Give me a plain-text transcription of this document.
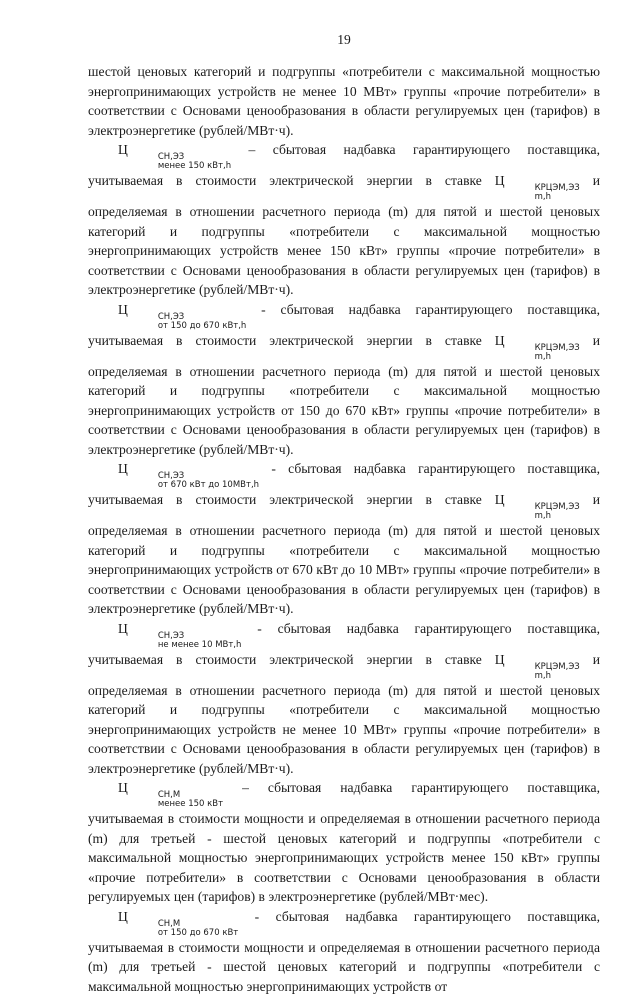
19

шестой ценовых категорий и подгруппы «потребители с максимальной мощностью энергопринимающих устройств не менее 10 МВт» группы «прочие потребители» в соответствии с Основами ценообразования в области регулируемых цен (тарифов) в электроэнергетике (рублей/МВт·ч).

Ц	СН,ЭЗ
менее 150 кВт,h
– сбытовая надбавка гарантирующего поставщика, учитываемая в стоимости электрической энергии в ставке Ц	КРЦЭМ,ЭЗ
m,h
и определяемая в отношении расчетного периода (m) для пятой и шестой ценовых категорий и подгруппы «потребители с максимальной мощностью энергопринимающих устройств менее 150 кВт» группы «прочие потребители» в соответствии с Основами ценообразования в области регулируемых цен (тарифов) в электроэнергетике (рублей/МВт·ч).

Ц	СН,ЭЗ
от 150 до 670 кВт,h
- сбытовая надбавка гарантирующего поставщика, учитываемая в стоимости электрической энергии в ставке Ц	КРЦЭМ,ЭЗ
m,h
и определяемая в отношении расчетного периода (m) для пятой и шестой ценовых категорий и подгруппы «потребители с максимальной мощностью энергопринимающих устройств от 150 до 670 кВт» группы «прочие потребители» в соответствии с Основами ценообразования в области регулируемых цен (тарифов) в электроэнергетике (рублей/МВт·ч).

Ц	СН,ЭЗ
от 670 кВт до 10МВт,h
- сбытовая надбавка гарантирующего поставщика, учитываемая в стоимости электрической энергии в ставке Ц	КРЦЭМ,ЭЗ
m,h
и определяемая в отношении расчетного периода (m) для пятой и шестой ценовых категорий и подгруппы «потребители с максимальной мощностью энергопринимающих устройств от 670 кВт до 10 МВт» группы «прочие потребители» в соответствии с Основами ценообразования в области регулируемых цен (тарифов) в электроэнергетике (рублей/МВт·ч).

Ц	СН,ЭЗ
не менее 10 МВт,h
- сбытовая надбавка гарантирующего поставщика, учитываемая в стоимости электрической энергии в ставке Ц	КРЦЭМ,ЭЗ
m,h
и определяемая в отношении расчетного периода (m) для пятой и шестой ценовых категорий и подгруппы «потребители с максимальной мощностью энергопринимающих устройств не менее 10 МВт» группы «прочие потребители» в соответствии с Основами ценообразования в области регулируемых цен (тарифов) в электроэнергетике (рублей/МВт·ч).

Ц	СН,М
менее 150 кВт
– сбытовая надбавка гарантирующего поставщика, учитываемая в стоимости мощности и определяемая в отношении расчетного периода (m) для третьей - шестой ценовых категорий и подгруппы «потребители с максимальной мощностью энергопринимающих устройств менее 150 кВт» группы «прочие потребители» в соответствии с Основами ценообразования в области регулируемых цен (тарифов) в электроэнергетике (рублей/МВт·мес).

Ц	СН,М
от 150 до 670 кВт
- сбытовая надбавка гарантирующего поставщика, учитываемая в стоимости мощности и определяемая в отношении расчетного периода (m) для третьей - шестой ценовых категорий и подгруппы «потребители с максимальной мощностью энергопринимающих устройств от
